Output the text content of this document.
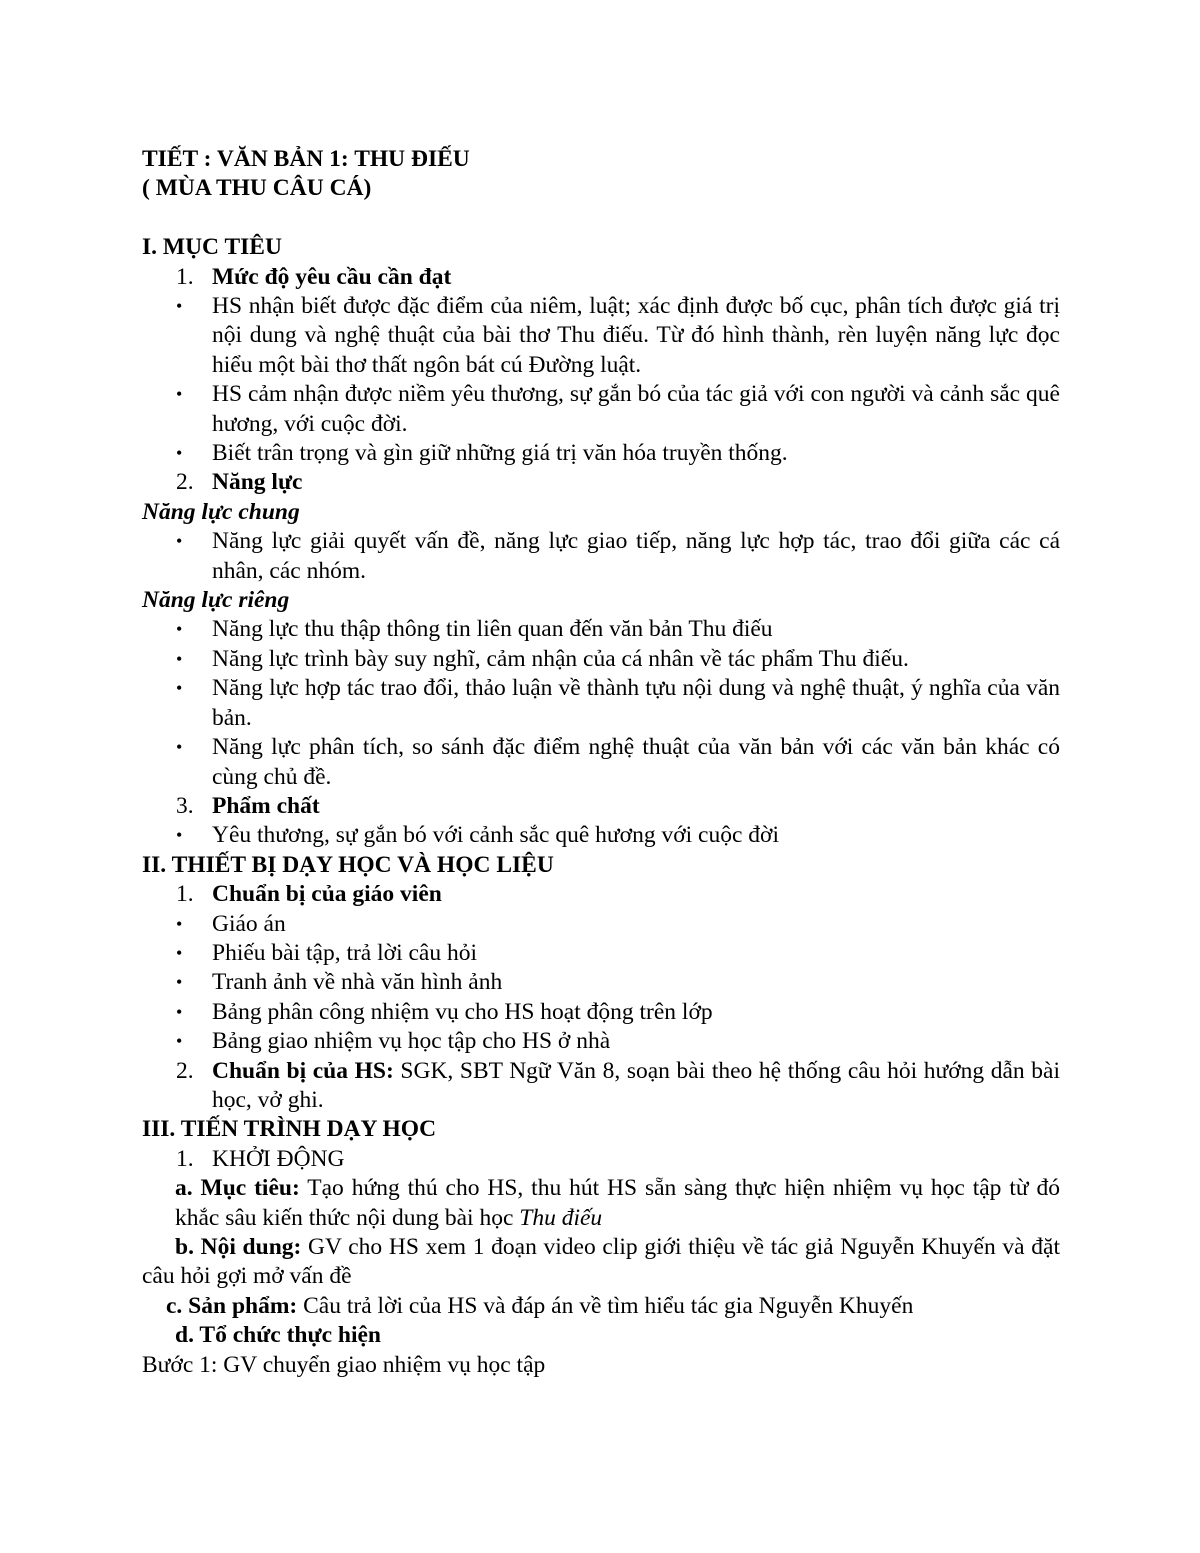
TIẾT : VĂN BẢN 1: THU ĐIẾU

( MÙA THU CÂU CÁ)

I. MỤC TIÊU

1. Mức độ yêu cầu cần đạt
•	HS nhận biết được đặc điểm của niêm, luật; xác định được bố cục, phân tích được giá trị nội dung và nghệ thuật của bài thơ Thu điếu. Từ đó hình thành, rèn luyện năng lực đọc hiểu một bài thơ thất ngôn bát cú Đường luật.
•	HS cảm nhận được niềm yêu thương, sự gắn bó của tác giả với con người và cảnh sắc quê hương, với cuộc đời.
•	Biết trân trọng và gìn giữ những giá trị văn hóa truyền thống.
2. Năng lực

Năng lực chung

•	Năng lực giải quyết vấn đề, năng lực giao tiếp, năng lực hợp tác, trao đổi giữa các cá nhân, các nhóm.

Năng lực riêng

•	Năng lực thu thập thông tin liên quan đến văn bản Thu điếu
•	Năng lực trình bày suy nghĩ, cảm nhận của cá nhân về tác phẩm Thu điếu.
•	Năng lực hợp tác trao đổi, thảo luận về thành tựu nội dung và nghệ thuật, ý nghĩa của văn bản.
•	Năng lực phân tích, so sánh đặc điểm nghệ thuật của văn bản với các văn bản khác có cùng chủ đề.
3. Phẩm chất
•	Yêu thương, sự gắn bó với cảnh sắc quê hương với cuộc đời

II. THIẾT BỊ DẠY HỌC VÀ HỌC LIỆU

1. Chuẩn bị của giáo viên
•	Giáo án
•	Phiếu bài tập, trả lời câu hỏi
•	Tranh ảnh về nhà văn hình ảnh
•	Bảng phân công nhiệm vụ cho HS hoạt động trên lớp
•	Bảng giao nhiệm vụ học tập cho HS ở nhà
2. Chuẩn bị của HS: SGK, SBT Ngữ Văn 8, soạn bài theo hệ thống câu hỏi hướng dẫn bài học, vở ghi.

III. TIẾN TRÌNH DẠY HỌC

1. KHỞI ĐỘNG

a. Mục tiêu: Tạo hứng thú cho HS, thu hút HS sẵn sàng thực hiện nhiệm vụ học tập từ đó khắc sâu kiến thức nội dung bài học Thu điếu

b. Nội dung: GV cho HS xem 1 đoạn video clip giới thiệu về tác giả Nguyễn Khuyến và đặt câu hỏi gợi mở vấn đề

c. Sản phẩm: Câu trả lời của HS và đáp án về tìm hiểu tác gia Nguyễn Khuyến

d. Tổ chức thực hiện

Bước 1: GV chuyển giao nhiệm vụ học tập
